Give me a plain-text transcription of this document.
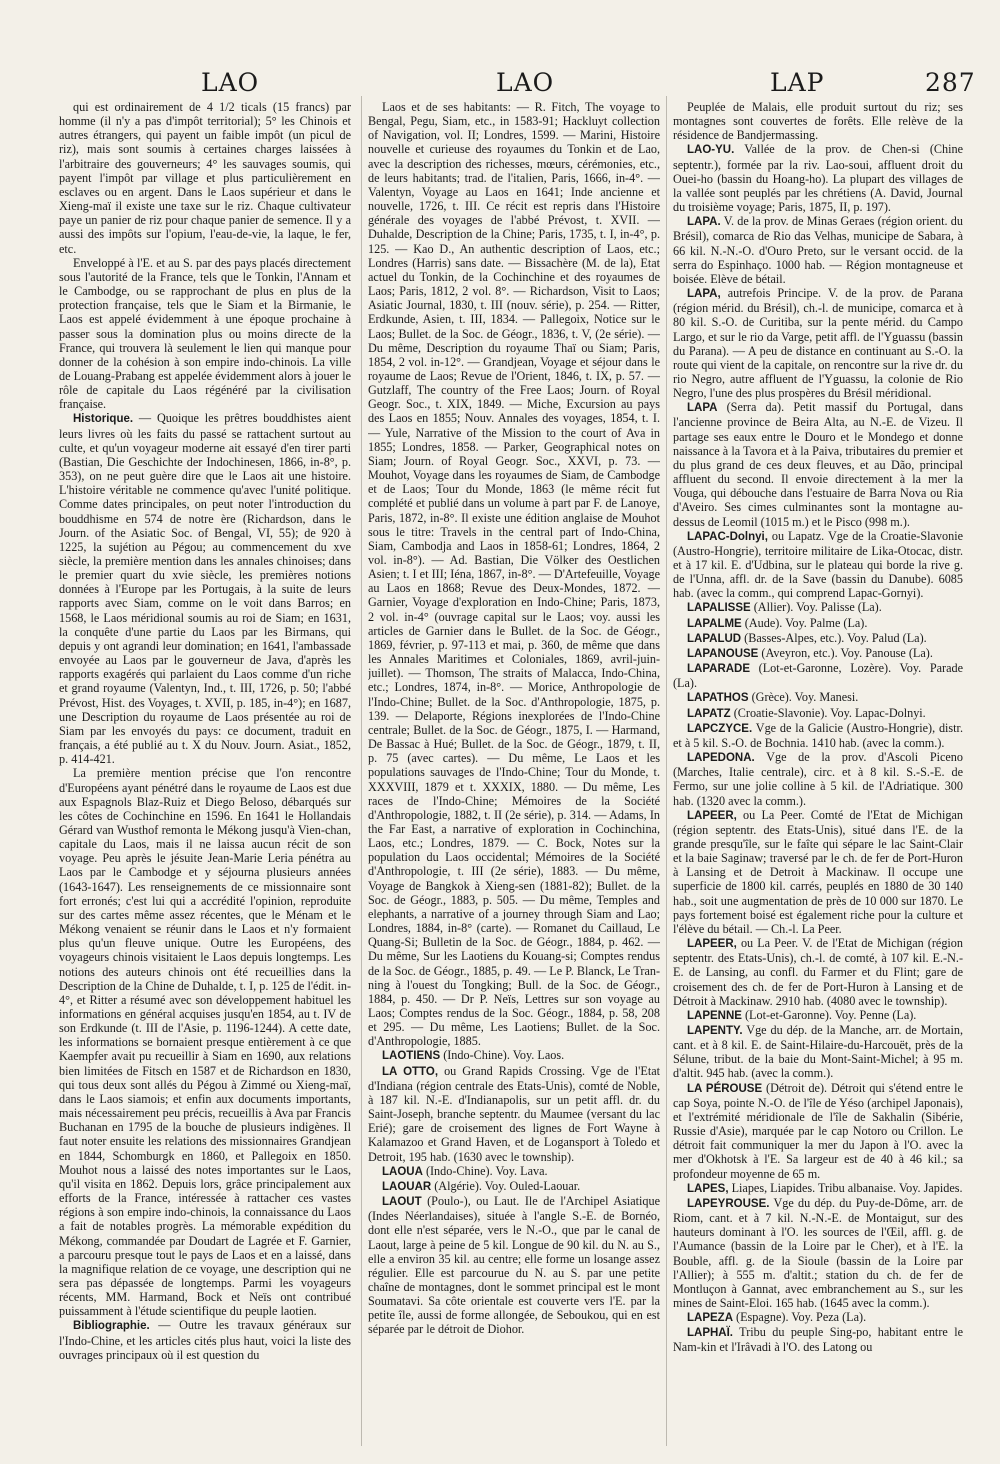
LAO	LAO	LAP	287

qui est ordinairement de 4 1/2 ticals (15 francs) par homme (il n'y a pas d'impôt territorial); 5° les Chinois et autres étrangers, qui payent un faible impôt (un picul de riz), mais sont soumis à certaines charges laissées à l'arbitraire des gouverneurs; 4° les sauvages soumis, qui payent l'impôt par village et plus particulièrement en esclaves ou en argent. Dans le Laos supérieur et dans le Xieng-maï il existe une taxe sur le riz. Chaque cultivateur paye un panier de riz pour chaque panier de semence. Il y a aussi des impôts sur l'opium, l'eau-de-vie, la laque, le fer, etc.

Enveloppé à l'E. et au S. par des pays placés directement sous l'autorité de la France, tels que le Tonkin, l'Annam et le Cambodge, ou se rapprochant de plus en plus de la protection française, tels que le Siam et la Birmanie, le Laos est appelé évidemment à une époque prochaine à passer sous la domination plus ou moins directe de la France, qui trouvera là seulement le lien qui manque pour donner de la cohésion à son empire indo-chinois. La ville de Louang-Prabang est appelée évidemment alors à jouer le rôle de capitale du Laos régénéré par la civilisation française.

Historique. — Quoique les prêtres bouddhistes aient leurs livres où les faits du passé se rattachent surtout au culte, et qu'un voyageur moderne ait essayé d'en tirer parti (Bastian, Die Geschichte der Indochinesen, 1866, in-8°, p. 353), on ne peut guère dire que le Laos ait une histoire. L'histoire véritable ne commence qu'avec l'unité politique. Comme dates principales, on peut noter l'introduction du bouddhisme en 574 de notre ère (Richardson, dans le Journ. of the Asiatic Soc. of Bengal, VI, 55); de 920 à 1225, la sujétion au Pégou; au commencement du xve siècle, la première mention dans les annales chinoises; dans le premier quart du xvie siècle, les premières notions données à l'Europe par les Portugais, à la suite de leurs rapports avec Siam, comme on le voit dans Barros; en 1568, le Laos méridional soumis au roi de Siam; en 1631, la conquête d'une partie du Laos par les Birmans, qui depuis y ont agrandi leur domination; en 1641, l'ambassade envoyée au Laos par le gouverneur de Java, d'après les rapports exagérés qui parlaient du Laos comme d'un riche et grand royaume (Valentyn, Ind., t. III, 1726, p. 50; l'abbé Prévost, Hist. des Voyages, t. XVII, p. 185, in-4°); en 1687, une Description du royaume de Laos présentée au roi de Siam par les envoyés du pays: ce document, traduit en français, a été publié au t. X du Nouv. Journ. Asiat., 1852, p. 414-421.

La première mention précise que l'on rencontre d'Européens ayant pénétré dans le royaume de Laos est due aux Espagnols Blaz-Ruiz et Diego Beloso, débarqués sur les côtes de Cochinchine en 1596. En 1641 le Hollandais Gérard van Wusthof remonta le Mékong jusqu'à Vien-chan, capitale du Laos, mais il ne laissa aucun récit de son voyage. Peu après le jésuite Jean-Marie Leria pénétra au Laos par le Cambodge et y séjourna plusieurs années (1643-1647). Les renseignements de ce missionnaire sont fort erronés; c'est lui qui a accrédité l'opinion, reproduite sur des cartes même assez récentes, que le Ménam et le Mékong venaient se réunir dans le Laos et n'y formaient plus qu'un fleuve unique. Outre les Européens, des voyageurs chinois visitaient le Laos depuis longtemps. Les notions des auteurs chinois ont été recueillies dans la Description de la Chine de Duhalde, t. I, p. 125 de l'édit. in-4°, et Ritter a résumé avec son développement habituel les informations en général acquises jusqu'en 1854, au t. IV de son Erdkunde (t. III de l'Asie, p. 1196-1244). A cette date, les informations se bornaient presque entièrement à ce que Kaempfer avait pu recueillir à Siam en 1690, aux relations bien limitées de Fitsch en 1587 et de Richardson en 1830, qui tous deux sont allés du Pégou à Zimmé ou Xieng-maï, dans le Laos siamois; et enfin aux documents importants, mais nécessairement peu précis, recueillis à Ava par Francis Buchanan en 1795 de la bouche de plusieurs indigènes. Il faut noter ensuite les relations des missionnaires Grandjean en 1844, Schomburgk en 1860, et Pallegoix en 1850. Mouhot nous a laissé des notes importantes sur le Laos, qu'il visita en 1862. Depuis lors, grâce principalement aux efforts de la France, intéressée à rattacher ces vastes régions à son empire indo-chinois, la connaissance du Laos a fait de notables progrès. La mémorable expédition du Mékong, commandée par Doudart de Lagrée et F. Garnier, a parcouru presque tout le pays de Laos et en a laissé, dans la magnifique relation de ce voyage, une description qui ne sera pas dépassée de longtemps. Parmi les voyageurs récents, MM. Harmand, Bock et Neïs ont contribué puissamment à l'étude scientifique du peuple laotien.

Bibliographie. — Outre les travaux généraux sur l'Indo-Chine, et les articles cités plus haut, voici la liste des ouvrages principaux où il est question du

Laos et de ses habitants: — R. Fitch, The voyage to Bengal, Pegu, Siam, etc., in 1583-91; Hackluyt collection of Navigation, vol. II; Londres, 1599. — Marini, Histoire nouvelle et curieuse des royaumes du Tonkin et de Lao, avec la description des richesses, mœurs, cérémonies, etc., de leurs habitants; trad. de l'italien, Paris, 1666, in-4°. — Valentyn, Voyage au Laos en 1641; Inde ancienne et nouvelle, 1726, t. III. Ce récit est repris dans l'Histoire générale des voyages de l'abbé Prévost, t. XVII. — Duhalde, Description de la Chine; Paris, 1735, t. I, in-4°, p. 125. — Kao D., An authentic description of Laos, etc.; Londres (Harris) sans date. — Bissachère (M. de la), Etat actuel du Tonkin, de la Cochinchine et des royaumes de Laos; Paris, 1812, 2 vol. 8°. — Richardson, Visit to Laos; Asiatic Journal, 1830, t. III (nouv. série), p. 254. — Ritter, Erdkunde, Asien, t. III, 1834. — Pallegoix, Notice sur le Laos; Bullet. de la Soc. de Géogr., 1836, t. V, (2e série). — Du même, Description du royaume Thaï ou Siam; Paris, 1854, 2 vol. in-12°. — Grandjean, Voyage et séjour dans le royaume de Laos; Revue de l'Orient, 1846, t. IX, p. 57. — Gutzlaff, The country of the Free Laos; Journ. of Royal Geogr. Soc., t. XIX, 1849. — Miche, Excursion au pays des Laos en 1855; Nouv. Annales des voyages, 1854, t. I. — Yule, Narrative of the Mission to the court of Ava in 1855; Londres, 1858. — Parker, Geographical notes on Siam; Journ. of Royal Geogr. Soc., XXVI, p. 73. — Mouhot, Voyage dans les royaumes de Siam, de Cambodge et de Laos; Tour du Monde, 1863 (le même récit fut complété et publié dans un volume à part par F. de Lanoye, Paris, 1872, in-8°. Il existe une édition anglaise de Mouhot sous le titre: Travels in the central part of Indo-China, Siam, Cambodja and Laos in 1858-61; Londres, 1864, 2 vol. in-8°). — Ad. Bastian, Die Völker des Oestlichen Asien; t. I et III; Iéna, 1867, in-8°. — D'Artefeuille, Voyage au Laos en 1868; Revue des Deux-Mondes, 1872. — Garnier, Voyage d'exploration en Indo-Chine; Paris, 1873, 2 vol. in-4° (ouvrage capital sur le Laos; voy. aussi les articles de Garnier dans le Bullet. de la Soc. de Géogr., 1869, février, p. 97-113 et mai, p. 360, de même que dans les Annales Maritimes et Coloniales, 1869, avril-juin-juillet). — Thomson, The straits of Malacca, Indo-China, etc.; Londres, 1874, in-8°. — Morice, Anthropologie de l'Indo-Chine; Bullet. de la Soc. d'Anthropologie, 1875, p. 139. — Delaporte, Régions inexplorées de l'Indo-Chine centrale; Bullet. de la Soc. de Géogr., 1875, I. — Harmand, De Bassac à Hué; Bullet. de la Soc. de Géogr., 1879, t. II, p. 75 (avec cartes). — Du même, Le Laos et les populations sauvages de l'Indo-Chine; Tour du Monde, t. XXXVIII, 1879 et t. XXXIX, 1880. — Du même, Les races de l'Indo-Chine; Mémoires de la Société d'Anthropologie, 1882, t. II (2e série), p. 314. — Adams, In the Far East, a narrative of exploration in Cochinchina, Laos, etc.; Londres, 1879. — C. Bock, Notes sur la population du Laos occidental; Mémoires de la Société d'Anthropologie, t. III (2e série), 1883. — Du même, Voyage de Bangkok à Xieng-sen (1881-82); Bullet. de la Soc. de Géogr., 1883, p. 505. — Du même, Temples and elephants, a narrative of a journey through Siam and Lao; Londres, 1884, in-8° (carte). — Romanet du Caillaud, Le Quang-Si; Bulletin de la Soc. de Géogr., 1884, p. 462. — Du même, Sur les Laotiens du Kouang-si; Comptes rendus de la Soc. de Géogr., 1885, p. 49. — Le P. Blanck, Le Tran-ning à l'ouest du Tongking; Bull. de la Soc. de Géogr., 1884, p. 450. — Dr P. Neïs, Lettres sur son voyage au Laos; Comptes rendus de la Soc. Géogr., 1884, p. 58, 208 et 295. — Du même, Les Laotiens; Bullet. de la Soc. d'Anthropologie, 1885.

LAOTIENS (Indo-Chine). Voy. Laos.

LA OTTO, ou Grand Rapids Crossing. Vge de l'Etat d'Indiana (région centrale des Etats-Unis), comté de Noble, à 187 kil. N.-E. d'Indianapolis, sur un petit affl. dr. du Saint-Joseph, branche septentr. du Maumee (versant du lac Erié); gare de croisement des lignes de Fort Wayne à Kalamazoo et Grand Haven, et de Logansport à Toledo et Detroit, 195 hab. (1630 avec le township).

LAOUA (Indo-Chine). Voy. Lava.

LAOUAR (Algérie). Voy. Ouled-Laouar.

LAOUT (Poulo-), ou Laut. Ile de l'Archipel Asiatique (Indes Néerlandaises), située à l'angle S.-E. de Bornéo, dont elle n'est séparée, vers le N.-O., que par le canal de Laout, large à peine de 5 kil. Longue de 90 kil. du N. au S., elle a environ 35 kil. au centre; elle forme un losange assez régulier. Elle est parcourue du N. au S. par une petite chaîne de montagnes, dont le sommet principal est le mont Soumatavi. Sa côte orientale est couverte vers l'E. par la petite île, aussi de forme allongée, de Seboukou, qui en est séparée par le détroit de Diohor.

Peuplée de Malais, elle produit surtout du riz; ses montagnes sont couvertes de forêts. Elle relève de la résidence de Bandjermassing.

LAO-YU. Vallée de la prov. de Chen-si (Chine septentr.), formée par la riv. Lao-soui, affluent droit du Ouei-ho (bassin du Hoang-ho). La plupart des villages de la vallée sont peuplés par les chrétiens (A. David, Journal du troisième voyage; Paris, 1875, II, p. 197).

LAPA. V. de la prov. de Minas Geraes (région orient. du Brésil), comarca de Rio das Velhas, municipe de Sabara, à 66 kil. N.-N.-O. d'Ouro Preto, sur le versant occid. de la serra do Espinhaço. 1000 hab. — Région montagneuse et boisée. Elève de bétail.

LAPA, autrefois Principe. V. de la prov. de Parana (région mérid. du Brésil), ch.-l. de municipe, comarca et à 80 kil. S.-O. de Curitiba, sur la pente mérid. du Campo Largo, et sur le rio da Varge, petit affl. de l'Yguassu (bassin du Parana). — A peu de distance en continuant au S.-O. la route qui vient de la capitale, on rencontre sur la rive dr. du rio Negro, autre affluent de l'Yguassu, la colonie de Rio Negro, l'une des plus prospères du Brésil méridional.

LAPA (Serra da). Petit massif du Portugal, dans l'ancienne province de Beira Alta, au N.-E. de Vizeu. Il partage ses eaux entre le Douro et le Mondego et donne naissance à la Tavora et à la Paiva, tributaires du premier et du plus grand de ces deux fleuves, et au Dão, principal affluent du second. Il envoie directement à la mer la Vouga, qui débouche dans l'estuaire de Barra Nova ou Ria d'Aveiro. Ses cimes culminantes sont la montagne au-dessus de Leomil (1015 m.) et le Pisco (998 m.).

LAPAC-Dolnyi, ou Lapatz. Vge de la Croatie-Slavonie (Austro-Hongrie), territoire militaire de Lika-Otocac, distr. et à 17 kil. E. d'Udbina, sur le plateau qui borde la rive g. de l'Unna, affl. dr. de la Save (bassin du Danube). 6085 hab. (avec la comm., qui comprend Lapac-Gornyi).

LAPALISSE (Allier). Voy. Palisse (La).

LAPALME (Aude). Voy. Palme (La).

LAPALUD (Basses-Alpes, etc.). Voy. Palud (La).

LAPANOUSE (Aveyron, etc.). Voy. Panouse (La).

LAPARADE (Lot-et-Garonne, Lozère). Voy. Parade (La).

LAPATHOS (Grèce). Voy. Manesi.

LAPATZ (Croatie-Slavonie). Voy. Lapac-Dolnyi.

LAPCZYCE. Vge de la Galicie (Austro-Hongrie), distr. et à 5 kil. S.-O. de Bochnia. 1410 hab. (avec la comm.).

LAPEDONA. Vge de la prov. d'Ascoli Piceno (Marches, Italie centrale), circ. et à 8 kil. S.-S.-E. de Fermo, sur une jolie colline à 5 kil. de l'Adriatique. 300 hab. (1320 avec la comm.).

LAPEER, ou La Peer. Comté de l'Etat de Michigan (région septentr. des Etats-Unis), situé dans l'E. de la grande presqu'île, sur le faîte qui sépare le lac Saint-Clair et la baie Saginaw; traversé par le ch. de fer de Port-Huron à Lansing et de Detroit à Mackinaw. Il occupe une superficie de 1800 kil. carrés, peuplés en 1880 de 30 140 hab., soit une augmentation de près de 10 000 sur 1870. Le pays fortement boisé est également riche pour la culture et l'élève du bétail. — Ch.-l. La Peer.

LAPEER, ou La Peer. V. de l'Etat de Michigan (région septentr. des Etats-Unis), ch.-l. de comté, à 107 kil. E.-N.-E. de Lansing, au confl. du Farmer et du Flint; gare de croisement des ch. de fer de Port-Huron à Lansing et de Détroit à Mackinaw. 2910 hab. (4080 avec le township).

LAPENNE (Lot-et-Garonne). Voy. Penne (La).

LAPENTY. Vge du dép. de la Manche, arr. de Mortain, cant. et à 8 kil. E. de Saint-Hilaire-du-Harcouët, près de la Sélune, tribut. de la baie du Mont-Saint-Michel; à 95 m. d'altit. 945 hab. (avec la comm.).

LA PÉROUSE (Détroit de). Détroit qui s'étend entre le cap Soya, pointe N.-O. de l'île de Yéso (archipel Japonais), et l'extrémité méridionale de l'île de Sakhalin (Sibérie, Russie d'Asie), marquée par le cap Notoro ou Crillon. Le détroit fait communiquer la mer du Japon à l'O. avec la mer d'Okhotsk à l'E. Sa largeur est de 40 à 46 kil.; sa profondeur moyenne de 65 m.

LAPES, Liapes, Liapides. Tribu albanaise. Voy. Japides.

LAPEYROUSE. Vge du dép. du Puy-de-Dôme, arr. de Riom, cant. et à 7 kil. N.-N.-E. de Montaigut, sur des hauteurs dominant à l'O. les sources de l'Œil, affl. g. de l'Aumance (bassin de la Loire par le Cher), et à l'E. la Bouble, affl. g. de la Sioule (bassin de la Loire par l'Allier); à 555 m. d'altit.; station du ch. de fer de Montluçon à Gannat, avec embranchement au S., sur les mines de Saint-Eloi. 165 hab. (1645 avec la comm.).

LAPEZA (Espagne). Voy. Peza (La).

LAPHAÏ. Tribu du peuple Sing-po, habitant entre le Nam-kin et l'Irâvadi à l'O. des Latong ou
